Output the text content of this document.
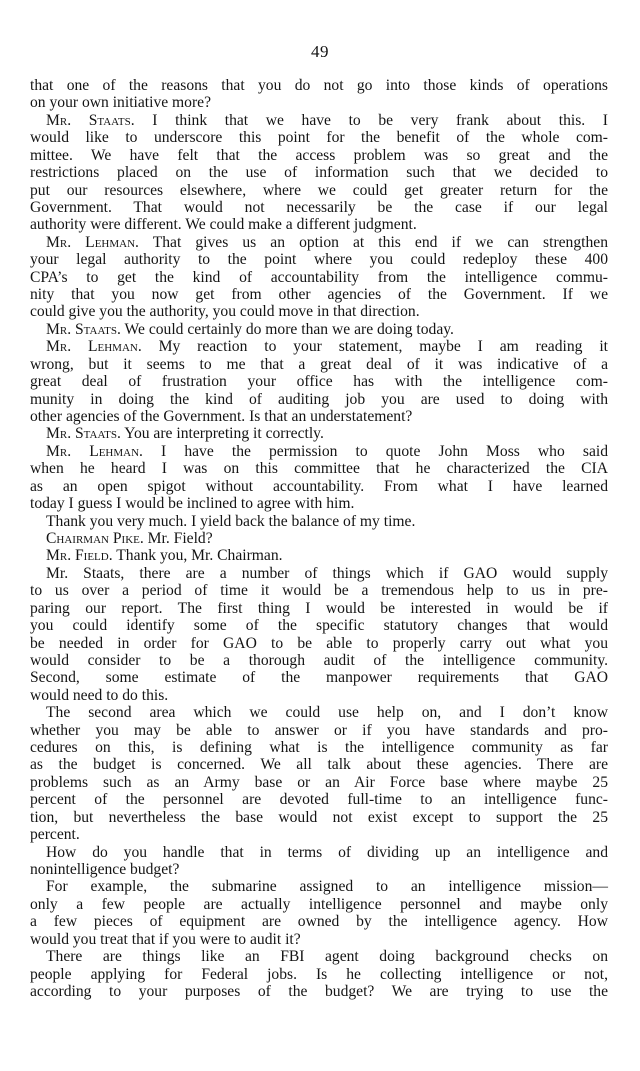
49
that one of the reasons that you do not go into those kinds of operations
on your own initiative more?
Mr. Staats. I think that we have to be very frank about this. I
would like to underscore this point for the benefit of the whole com-
mittee. We have felt that the access problem was so great and the
restrictions placed on the use of information such that we decided to
put our resources elsewhere, where we could get greater return for the
Government. That would not necessarily be the case if our legal
authority were different. We could make a different judgment.
Mr. Lehman. That gives us an option at this end if we can strengthen
your legal authority to the point where you could redeploy these 400
CPA’s to get the kind of accountability from the intelligence commu-
nity that you now get from other agencies of the Government. If we
could give you the authority, you could move in that direction.
Mr. Staats. We could certainly do more than we are doing today.
Mr. Lehman. My reaction to your statement, maybe I am reading it
wrong, but it seems to me that a great deal of it was indicative of a
great deal of frustration your office has with the intelligence com-
munity in doing the kind of auditing job you are used to doing with
other agencies of the Government. Is that an understatement?
Mr. Staats. You are interpreting it correctly.
Mr. Lehman. I have the permission to quote John Moss who said
when he heard I was on this committee that he characterized the CIA
as an open spigot without accountability. From what I have learned
today I guess I would be inclined to agree with him.
Thank you very much. I yield back the balance of my time.
Chairman Pike. Mr. Field?
Mr. Field. Thank you, Mr. Chairman.
Mr. Staats, there are a number of things which if GAO would supply
to us over a period of time it would be a tremendous help to us in pre-
paring our report. The first thing I would be interested in would be if
you could identify some of the specific statutory changes that would
be needed in order for GAO to be able to properly carry out what you
would consider to be a thorough audit of the intelligence community.
Second, some estimate of the manpower requirements that GAO
would need to do this.
The second area which we could use help on, and I don’t know
whether you may be able to answer or if you have standards and pro-
cedures on this, is defining what is the intelligence community as far
as the budget is concerned. We all talk about these agencies. There are
problems such as an Army base or an Air Force base where maybe 25
percent of the personnel are devoted full-time to an intelligence func-
tion, but nevertheless the base would not exist except to support the 25
percent.
How do you handle that in terms of dividing up an intelligence and
nonintelligence budget?
For example, the submarine assigned to an intelligence mission—
only a few people are actually intelligence personnel and maybe only
a few pieces of equipment are owned by the intelligence agency. How
would you treat that if you were to audit it?
There are things like an FBI agent doing background checks on
people applying for Federal jobs. Is he collecting intelligence or not,
according to your purposes of the budget? We are trying to use the
